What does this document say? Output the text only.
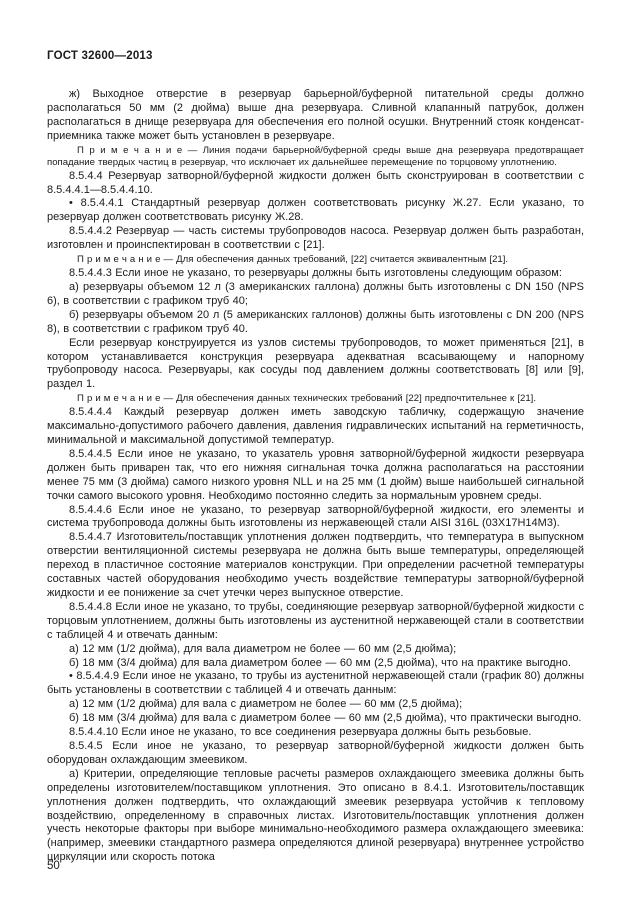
ГОСТ 32600—2013

ж) Выходное отверстие в резервуар барьерной/буферной питательной среды должно располагаться 50 мм (2 дюйма) выше дна резервуара. Сливной клапанный патрубок, должен располагаться в днище резервуара для обеспечения его полной осушки. Внутренний стояк конденсат-приемника также может быть установлен в резервуаре.

П р и м е ч а н и е — Линия подачи барьерной/буферной среды выше дна резервуара предотвращает попадание твердых частиц в резервуар, что исключает их дальнейшее перемещение по торцовому уплотнению.

8.5.4.4 Резервуар затворной/буферной жидкости должен быть сконструирован в соответствии с 8.5.4.4.1—8.5.4.4.10.

• 8.5.4.4.1 Стандартный резервуар должен соответствовать рисунку Ж.27. Если указано, то резервуар должен соответствовать рисунку Ж.28.

8.5.4.4.2 Резервуар — часть системы трубопроводов насоса. Резервуар должен быть разработан, изготовлен и проинспектирован в соответствии с [21].

П р и м е ч а н и е — Для обеспечения данных требований, [22] считается эквивалентным [21].

8.5.4.4.3 Если иное не указано, то резервуары должны быть изготовлены следующим образом:

а) резервуары объемом 12 л (3 американских галлона) должны быть изготовлены с DN 150 (NPS 6), в соответствии с графиком труб 40;

б) резервуары объемом 20 л (5 американских галлонов) должны быть изготовлены с DN 200 (NPS 8), в соответствии с графиком труб 40.

Если резервуар конструируется из узлов системы трубопроводов, то может применяться [21], в котором устанавливается конструкция резервуара адекватная всасывающему и напорному трубопроводу насоса. Резервуары, как сосуды под давлением должны соответствовать [8] или [9], раздел 1.

П р и м е ч а н и е — Для обеспечения данных технических требований [22] предпочтительнее к [21].

8.5.4.4.4 Каждый резервуар должен иметь заводскую табличку, содержащую значение максимально-допустимого рабочего давления, давления гидравлических испытаний на герметичность, минимальной и максимальной допустимой температур.

8.5.4.4.5 Если иное не указано, то указатель уровня затворной/буферной жидкости резервуара должен быть приварен так, что его нижняя сигнальная точка должна располагаться на расстоянии менее 75 мм (3 дюйма) самого низкого уровня NLL и на 25 мм (1 дюйм) выше наибольшей сигнальной точки самого высокого уровня. Необходимо постоянно следить за нормальным уровнем среды.

8.5.4.4.6 Если иное не указано, то резервуар затворной/буферной жидкости, его элементы и система трубопровода должны быть изготовлены из нержавеющей стали AISI 316L (03Х17Н14М3).

8.5.4.4.7 Изготовитель/поставщик уплотнения должен подтвердить, что температура в выпускном отверстии вентиляционной системы резервуара не должна быть выше температуры, определяющей переход в пластичное состояние материалов конструкции. При определении расчетной температуры составных частей оборудования необходимо учесть воздействие температуры затворной/буферной жидкости и ее понижение за счет утечки через выпускное отверстие.

8.5.4.4.8 Если иное не указано, то трубы, соединяющие резервуар затворной/буферной жидкости с торцовым уплотнением, должны быть изготовлены из аустенитной нержавеющей стали в соответствии с таблицей 4 и отвечать данным:

а) 12 мм (1/2 дюйма), для вала диаметром не более — 60 мм (2,5 дюйма);

б) 18 мм (3/4 дюйма) для вала диаметром более — 60 мм (2,5 дюйма), что на практике выгодно.

• 8.5.4.4.9 Если иное не указано, то трубы из аустенитной нержавеющей стали (график 80) должны быть установлены в соответствии с таблицей 4 и отвечать данным:

а) 12 мм (1/2 дюйма) для вала с диаметром не более — 60 мм (2,5 дюйма);

б) 18 мм (3/4 дюйма) для вала с диаметром более — 60 мм (2,5 дюйма), что практически выгодно.

8.5.4.4.10 Если иное не указано, то все соединения резервуара должны быть резьбовые.

8.5.4.5 Если иное не указано, то резервуар затворной/буферной жидкости должен быть оборудован охлаждающим змеевиком.

а) Критерии, определяющие тепловые расчеты размеров охлаждающего змеевика должны быть определены изготовителем/поставщиком уплотнения. Это описано в 8.4.1. Изготовитель/поставщик уплотнения должен подтвердить, что охлаждающий змеевик резервуара устойчив к тепловому воздействию, определенному в справочных листах. Изготовитель/поставщик уплотнения должен учесть некоторые факторы при выборе минимально-необходимого размера охлаждающего змеевика: (например, змеевики стандартного размера определяются длиной резервуара) внутреннее устройство циркуляции или скорость потока

50
